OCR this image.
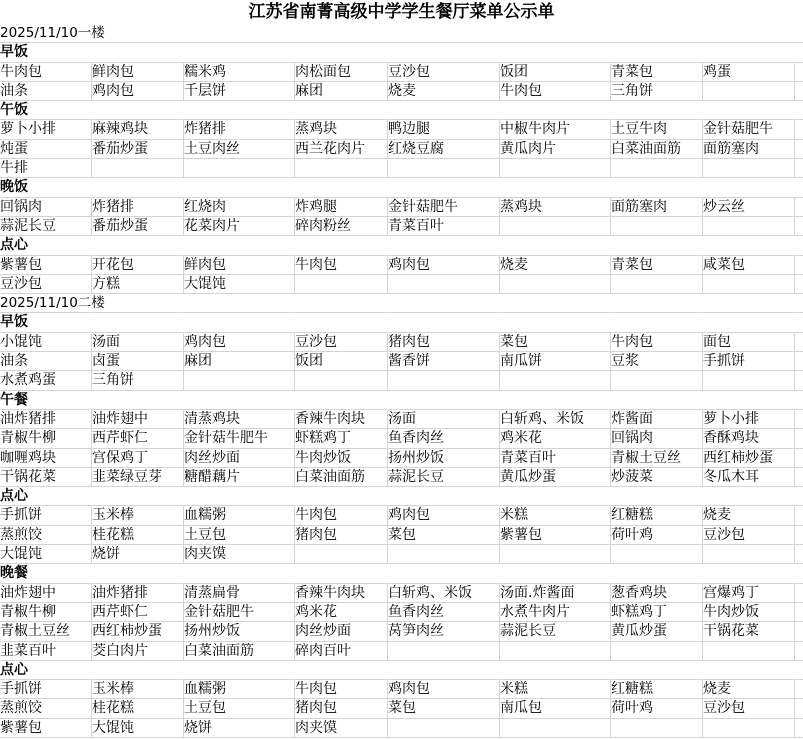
江苏省南菁高级中学学生餐厅菜单公示单
2025/11/10一楼
早饭
牛肉包	鲜肉包	糯米鸡	肉松面包	豆沙包	饭团	青菜包	鸡蛋
油条	鸡肉包	千层饼	麻团	烧麦	牛肉包	三角饼
午饭
萝卜小排	麻辣鸡块	炸猪排	蒸鸡块	鸭边腿	中椒牛肉片	土豆牛肉	金针菇肥牛
炖蛋	番茄炒蛋	土豆肉丝	西兰花肉片	红烧豆腐	黄瓜肉片	白菜油面筋	面筋塞肉
牛排
晚饭
回锅肉	炸猪排	红烧肉	炸鸡腿	金针菇肥牛	蒸鸡块	面筋塞肉	炒云丝
蒜泥长豆	番茄炒蛋	花菜肉片	碎肉粉丝	青菜百叶
点心
紫薯包	开花包	鲜肉包	牛肉包	鸡肉包	烧麦	青菜包	咸菜包
豆沙包	方糕	大馄饨
2025/11/10二楼
早饭
小馄饨	汤面	鸡肉包	豆沙包	猪肉包	菜包	牛肉包	面包
油条	卤蛋	麻团	饭团	酱香饼	南瓜饼	豆浆	手抓饼
水煮鸡蛋	三角饼
午餐
油炸猪排	油炸翅中	清蒸鸡块	香辣牛肉块	汤面	白斩鸡、米饭	炸酱面	萝卜小排
青椒牛柳	西芹虾仁	金针菇牛肥牛	虾糕鸡丁	鱼香肉丝	鸡米花	回锅肉	香酥鸡块
咖喱鸡块	宫保鸡丁	肉丝炒面	牛肉炒饭	扬州炒饭	青菜百叶	青椒土豆丝	西红柿炒蛋
干锅花菜	韭菜绿豆芽	糖醋藕片	白菜油面筋	蒜泥长豆	黄瓜炒蛋	炒菠菜	冬瓜木耳
点心
手抓饼	玉米棒	血糯粥	牛肉包	鸡肉包	米糕	红糖糕	烧麦
蒸煎饺	桂花糕	土豆包	猪肉包	菜包	紫薯包	荷叶鸡	豆沙包
大馄饨	烧饼	肉夹馍
晚餐
油炸翅中	油炸猪排	清蒸扁骨	香辣牛肉块	白斩鸡、米饭	汤面.炸酱面	葱香鸡块	宫爆鸡丁
青椒牛柳	西芹虾仁	金针菇肥牛	鸡米花	鱼香肉丝	水煮牛肉片	虾糕鸡丁	牛肉炒饭
青椒土豆丝	西红柿炒蛋	扬州炒饭	肉丝炒面	莴笋肉丝	蒜泥长豆	黄瓜炒蛋	干锅花菜
韭菜百叶	茭白肉片	白菜油面筋	碎肉百叶
点心
手抓饼	玉米棒	血糯粥	牛肉包	鸡肉包	米糕	红糖糕	烧麦
蒸煎饺	桂花糕	土豆包	猪肉包	菜包	南瓜包	荷叶鸡	豆沙包
紫薯包	大馄饨	烧饼	肉夹馍
